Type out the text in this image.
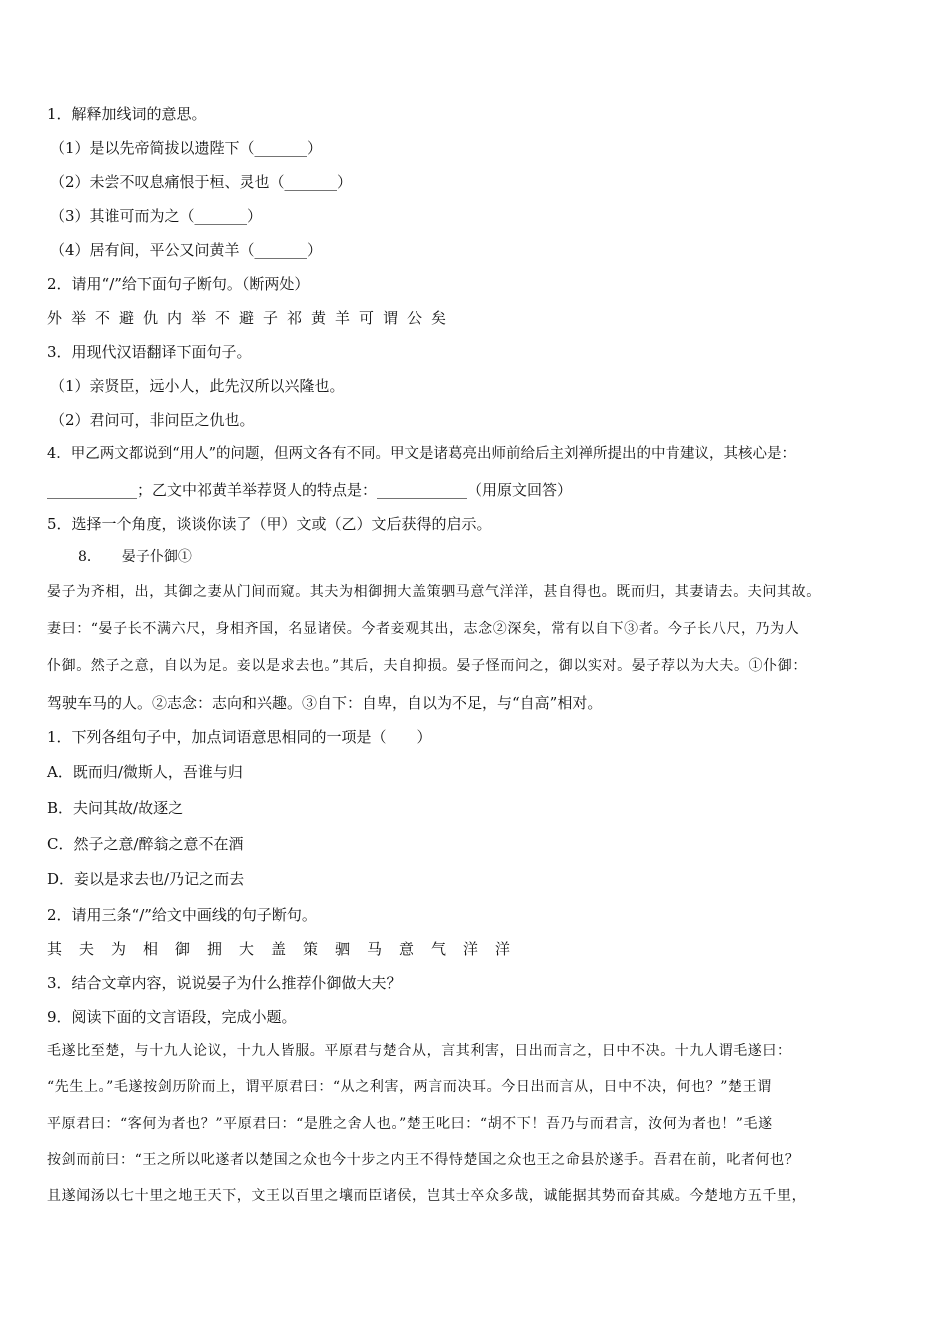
1．解释加线词的意思。
（1）是以先帝简拔以遗陛下（_______）
（2）未尝不叹息痛恨于桓、灵也（_______）
（3）其谁可而为之（_______）
（4）居有间，平公又问黄羊（_______）
2．请用“/”给下面句子断句。（断两处）
外举不避仇内举不避子祁黄羊可谓公矣
3．用现代汉语翻译下面句子。
（1）亲贤臣，远小人，此先汉所以兴隆也。
（2）君问可，非问臣之仇也。
4．甲乙两文都说到“用人”的问题，但两文各有不同。甲文是诸葛亮出师前给后主刘禅所提出的中肯建议，其核心是：
____________；乙文中祁黄羊举荐贤人的特点是：____________（用原文回答）
5．选择一个角度，谈谈你读了（甲）文或（乙）文后获得的启示。
8．　　晏子仆御①
晏子为齐相，出，其御之妻从门间而窥。其夫为相御拥大盖策驷马意气洋洋，甚自得也。既而归，其妻请去。夫问其故。
妻曰：“晏子长不满六尺，身相齐国，名显诸侯。今者妾观其出，志念②深矣，常有以自下③者。今子长八尺，乃为人
仆御。然子之意，自以为足。妾以是求去也。”其后，夫自抑损。晏子怪而问之，御以实对。晏子荐以为大夫。①仆御：
驾驶车马的人。②志念：志向和兴趣。③自下：自卑，自以为不足，与“自高”相对。
1．下列各组句子中，加点词语意思相同的一项是（　　）
A．既而归/微斯人，吾谁与归
B．夫问其故/故逐之
C．然子之意/醉翁之意不在酒
D．妾以是求去也/乃记之而去
2．请用三条“/”给文中画线的句子断句。
其夫为相御拥大盖策驷马意气洋洋
3．结合文章内容，说说晏子为什么推荐仆御做大夫？
9．阅读下面的文言语段，完成小题。
毛遂比至楚，与十九人论议，十九人皆服。平原君与楚合从，言其利害，日出而言之，日中不决。十九人谓毛遂曰：
“先生上。”毛遂按剑历阶而上，谓平原君曰：“从之利害，两言而决耳。今日出而言从，日中不决，何也？”楚王谓
平原君曰：“客何为者也？”平原君曰：“是胜之舍人也。”楚王叱曰：“胡不下！吾乃与而君言，汝何为者也！”毛遂
按剑而前曰：“王之所以叱遂者以楚国之众也今十步之内王不得恃楚国之众也王之命县於遂手。吾君在前，叱者何也？
且遂闻汤以七十里之地王天下，文王以百里之壤而臣诸侯，岂其士卒众多哉，诚能据其势而奋其威。今楚地方五千里，
